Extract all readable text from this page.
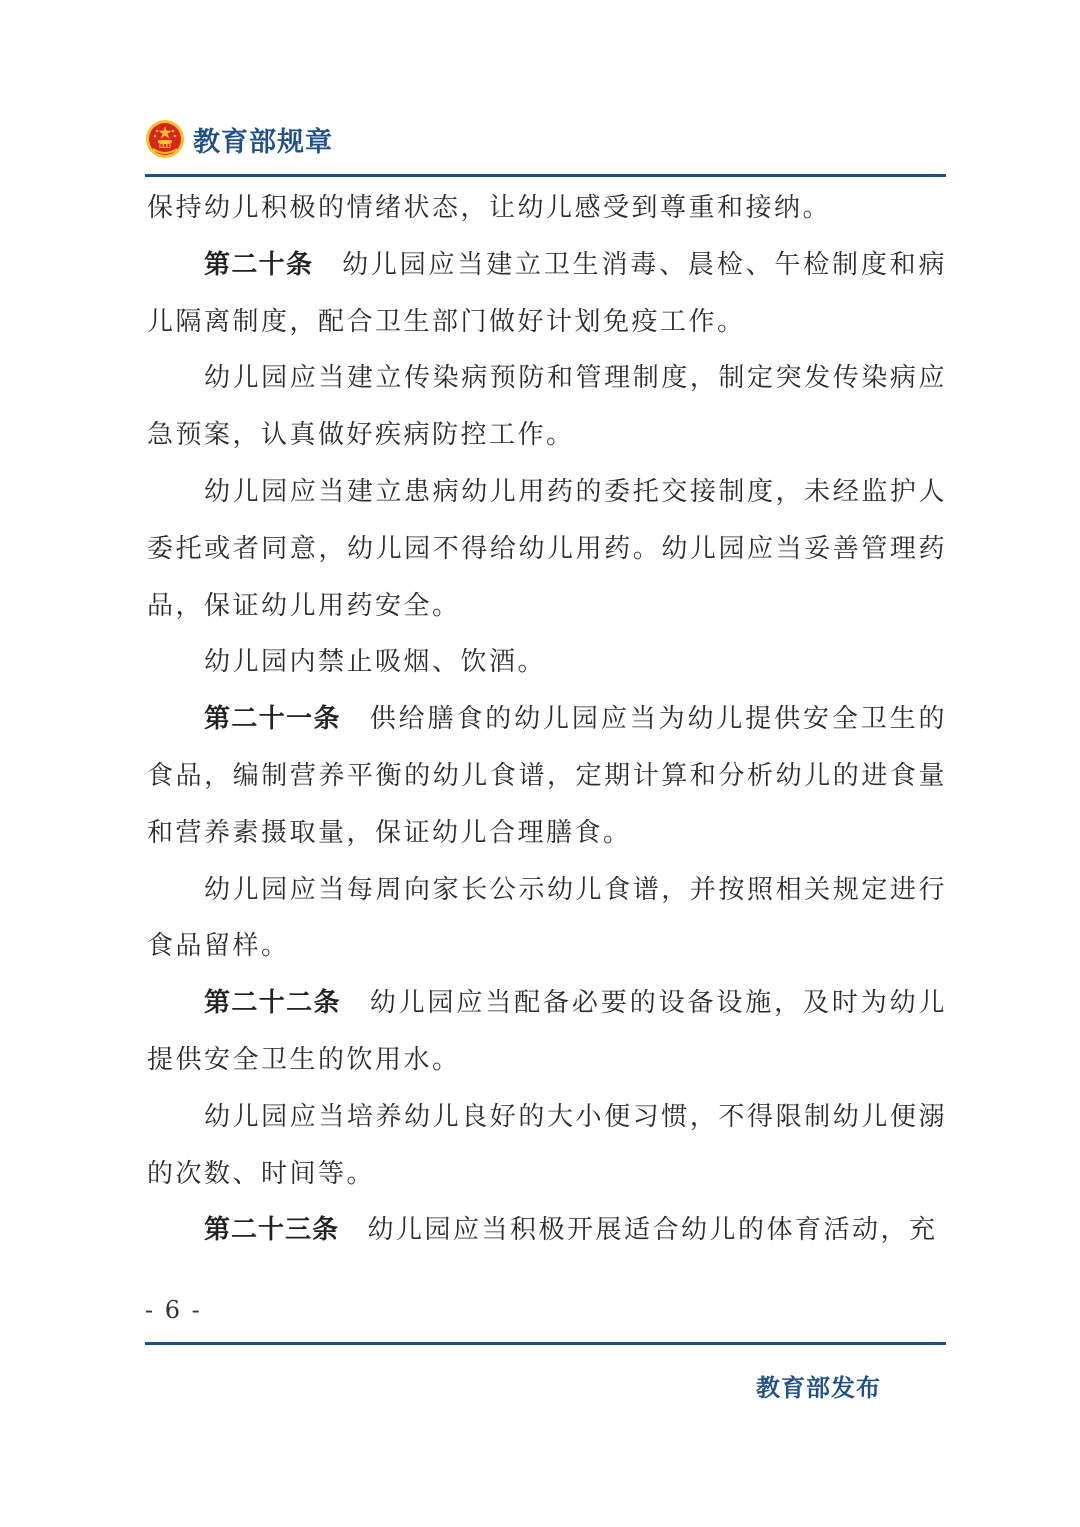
教育部规章

保持幼儿积极的情绪状态，让幼儿感受到尊重和接纳。

第二十条  幼儿园应当建立卫生消毒、晨检、午检制度和病儿隔离制度，配合卫生部门做好计划免疫工作。

幼儿园应当建立传染病预防和管理制度，制定突发传染病应急预案，认真做好疾病防控工作。

幼儿园应当建立患病幼儿用药的委托交接制度，未经监护人委托或者同意，幼儿园不得给幼儿用药。幼儿园应当妥善管理药品，保证幼儿用药安全。

幼儿园内禁止吸烟、饮酒。

第二十一条  供给膳食的幼儿园应当为幼儿提供安全卫生的食品，编制营养平衡的幼儿食谱，定期计算和分析幼儿的进食量和营养素摄取量，保证幼儿合理膳食。

幼儿园应当每周向家长公示幼儿食谱，并按照相关规定进行食品留样。

第二十二条  幼儿园应当配备必要的设备设施，及时为幼儿提供安全卫生的饮用水。

幼儿园应当培养幼儿良好的大小便习惯，不得限制幼儿便溺的次数、时间等。

第二十三条  幼儿园应当积极开展适合幼儿的体育活动，充

- 6 -
教育部发布
